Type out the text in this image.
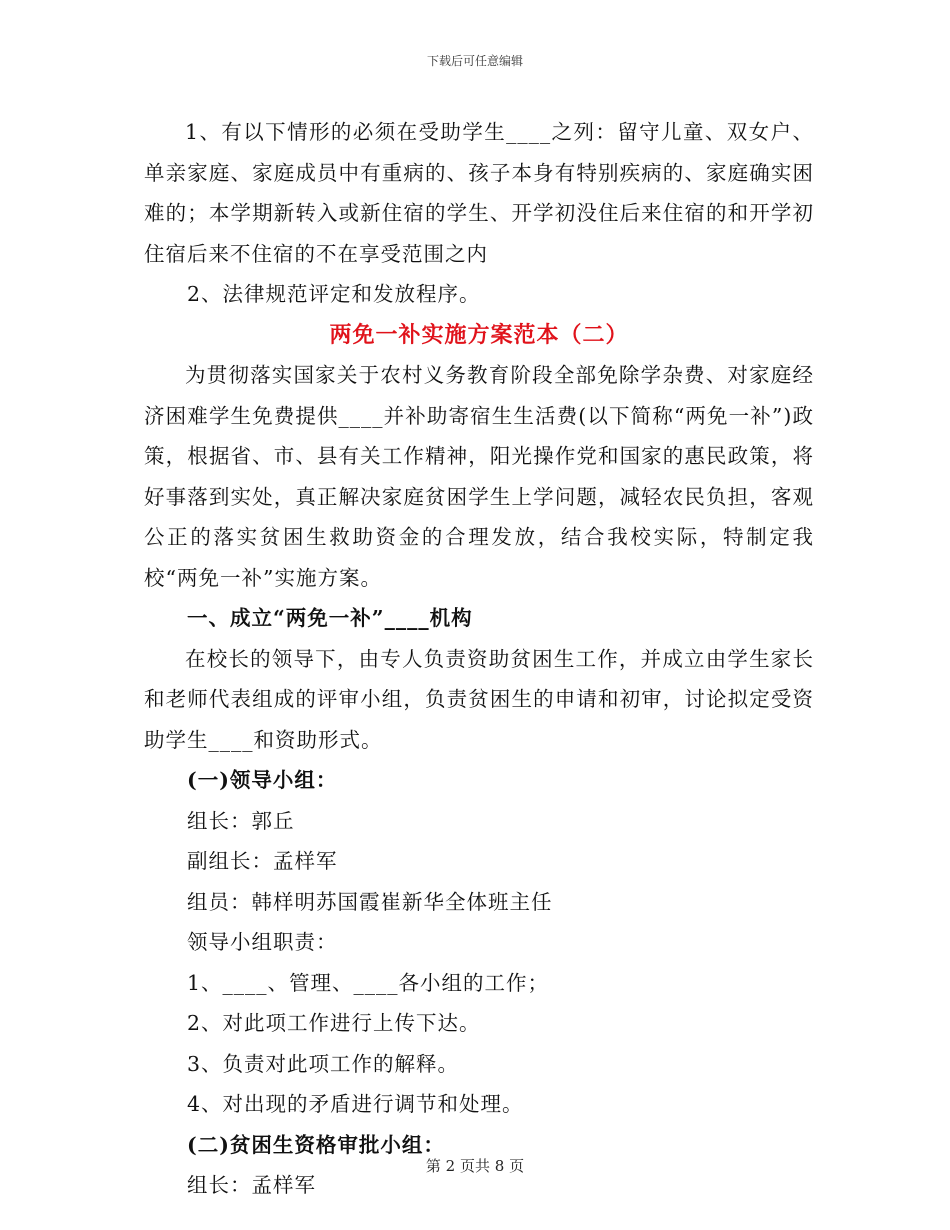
下载后可任意编辑

1、有以下情形的必须在受助学生____之列：留守儿童、双女户、单亲家庭、家庭成员中有重病的、孩子本身有特别疾病的、家庭确实困难的；本学期新转入或新住宿的学生、开学初没住后来住宿的和开学初住宿后来不住宿的不在享受范围之内

2、法律规范评定和发放程序。

两免一补实施方案范本（二）

为贯彻落实国家关于农村义务教育阶段全部免除学杂费、对家庭经济困难学生免费提供____并补助寄宿生生活费(以下简称“两免一补”)政策，根据省、市、县有关工作精神，阳光操作党和国家的惠民政策，将好事落到实处，真正解决家庭贫困学生上学问题，减轻农民负担，客观公正的落实贫困生救助资金的合理发放，结合我校实际，特制定我校“两免一补”实施方案。

一、成立“两免一补”____机构

在校长的领导下，由专人负责资助贫困生工作，并成立由学生家长和老师代表组成的评审小组，负责贫困生的申请和初审，讨论拟定受资助学生____和资助形式。

(一)领导小组：

组长：郭丘

副组长：孟样军

组员：韩样明苏国霞崔新华全体班主任

领导小组职责：

1、____、管理、____各小组的工作；

2、对此项工作进行上传下达。

3、负责对此项工作的解释。

4、对出现的矛盾进行调节和处理。

(二)贫困生资格审批小组：

组长：孟样军

第 2 页共 8 页
